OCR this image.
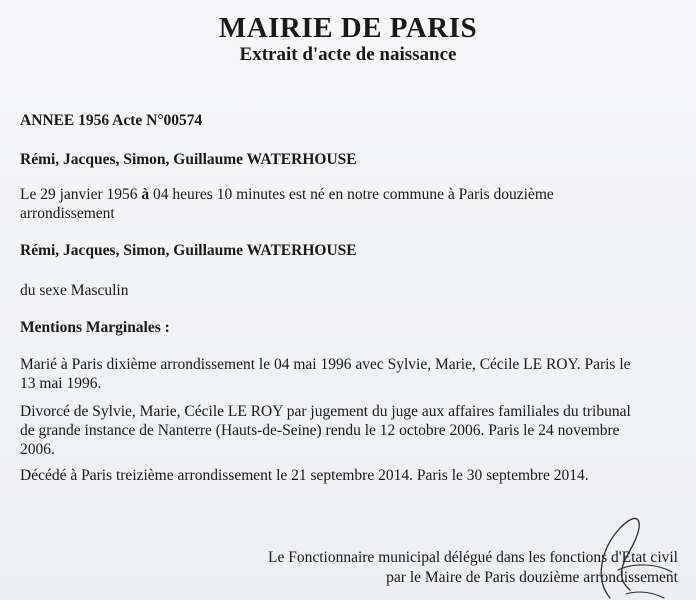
MAIRIE DE PARIS
Extrait d'acte de naissance

ANNEE 1956 Acte N°00574

Rémi, Jacques, Simon, Guillaume WATERHOUSE

Le 29 janvier 1956 à 04 heures 10 minutes est né en notre commune à Paris douzième

arrondissement

Rémi, Jacques, Simon, Guillaume WATERHOUSE

du sexe Masculin

Mentions Marginales :

Marié à Paris dixième arrondissement le 04 mai 1996 avec Sylvie, Marie, Cécile LE ROY. Paris le

13 mai 1996.

Divorcé de Sylvie, Marie, Cécile LE ROY par jugement du juge aux affaires familiales du tribunal

de grande instance de Nanterre (Hauts-de-Seine) rendu le 12 octobre 2006. Paris le 24 novembre

2006.

Décédé à Paris treizième arrondissement le 21 septembre 2014. Paris le 30 septembre 2014.

Le Fonctionnaire municipal délégué dans les fonctions d'Etat civil
par le Maire de Paris douzième arrondissement
